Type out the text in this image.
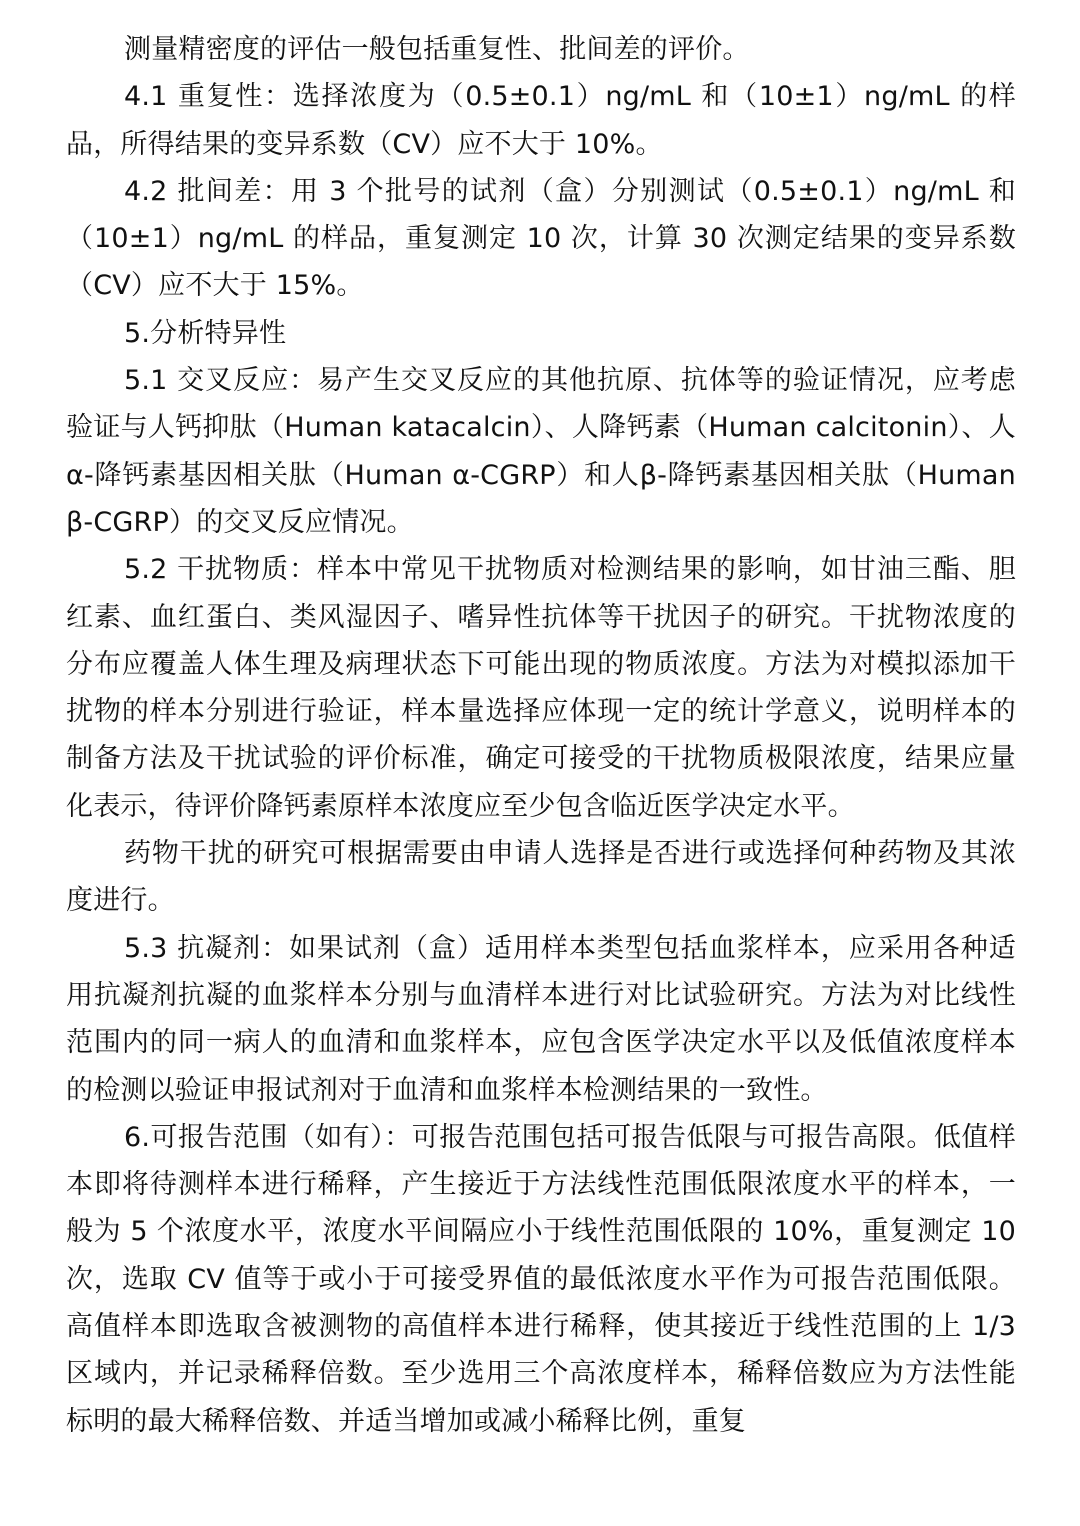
测量精密度的评估一般包括重复性、批间差的评价。

4.1 重复性：选择浓度为（0.5±0.1）ng/mL 和（10±1）ng/mL 的样品，所得结果的变异系数（CV）应不大于 10%。

4.2 批间差：用 3 个批号的试剂（盒）分别测试（0.5±0.1）ng/mL 和（10±1）ng/mL 的样品，重复测定 10 次，计算 30 次测定结果的变异系数（CV）应不大于 15%。

5.分析特异性

5.1 交叉反应：易产生交叉反应的其他抗原、抗体等的验证情况，应考虑验证与人钙抑肽（Human katacalcin）、人降钙素（Human calcitonin）、人α-降钙素基因相关肽（Human α-CGRP）和人β-降钙素基因相关肽（Human β-CGRP）的交叉反应情况。

5.2 干扰物质：样本中常见干扰物质对检测结果的影响，如甘油三酯、胆红素、血红蛋白、类风湿因子、嗜异性抗体等干扰因子的研究。干扰物浓度的分布应覆盖人体生理及病理状态下可能出现的物质浓度。方法为对模拟添加干扰物的样本分别进行验证，样本量选择应体现一定的统计学意义，说明样本的制备方法及干扰试验的评价标准，确定可接受的干扰物质极限浓度，结果应量化表示，待评价降钙素原样本浓度应至少包含临近医学决定水平。

药物干扰的研究可根据需要由申请人选择是否进行或选择何种药物及其浓度进行。

5.3 抗凝剂：如果试剂（盒）适用样本类型包括血浆样本，应采用各种适用抗凝剂抗凝的血浆样本分别与血清样本进行对比试验研究。方法为对比线性范围内的同一病人的血清和血浆样本，应包含医学决定水平以及低值浓度样本的检测以验证申报试剂对于血清和血浆样本检测结果的一致性。

6.可报告范围（如有）：可报告范围包括可报告低限与可报告高限。低值样本即将待测样本进行稀释，产生接近于方法线性范围低限浓度水平的样本，一般为 5 个浓度水平，浓度水平间隔应小于线性范围低限的 10%，重复测定 10 次，选取 CV 值等于或小于可接受界值的最低浓度水平作为可报告范围低限。高值样本即选取含被测物的高值样本进行稀释，使其接近于线性范围的上 1/3 区域内，并记录稀释倍数。至少选用三个高浓度样本，稀释倍数应为方法性能标明的最大稀释倍数、并适当增加或减小稀释比例，重复
